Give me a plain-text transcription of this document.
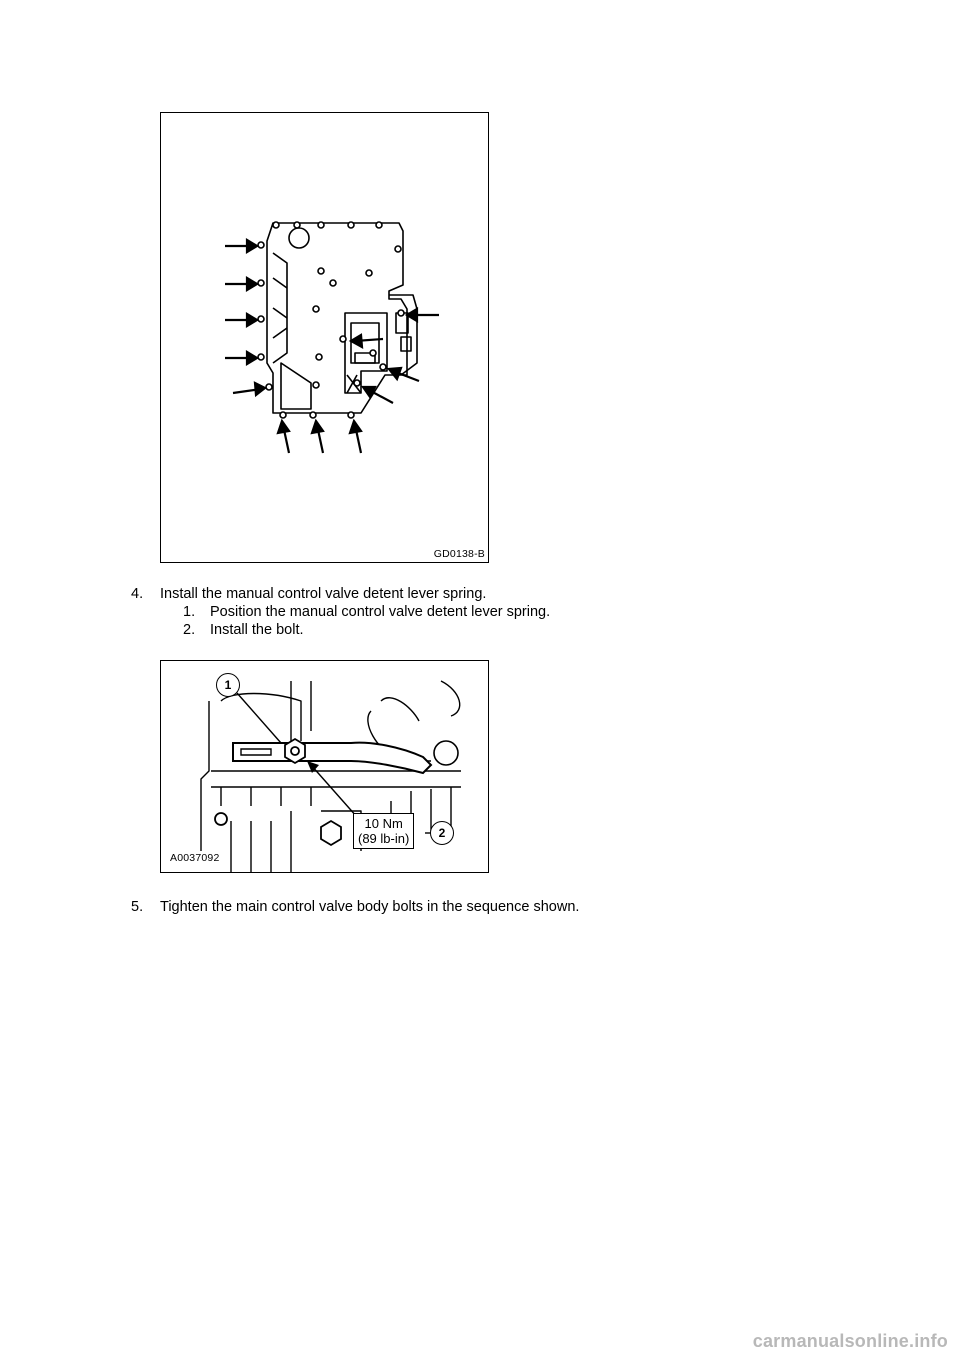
GD0138-B
4. Install the manual control valve detent lever spring.
1. Position the manual control valve detent lever spring.
2. Install the bolt.
1
2
10 Nm
(89 lb-in)
A0037092
5. Tighten the main control valve body bolts in the sequence shown.
carmanualsonline.info
